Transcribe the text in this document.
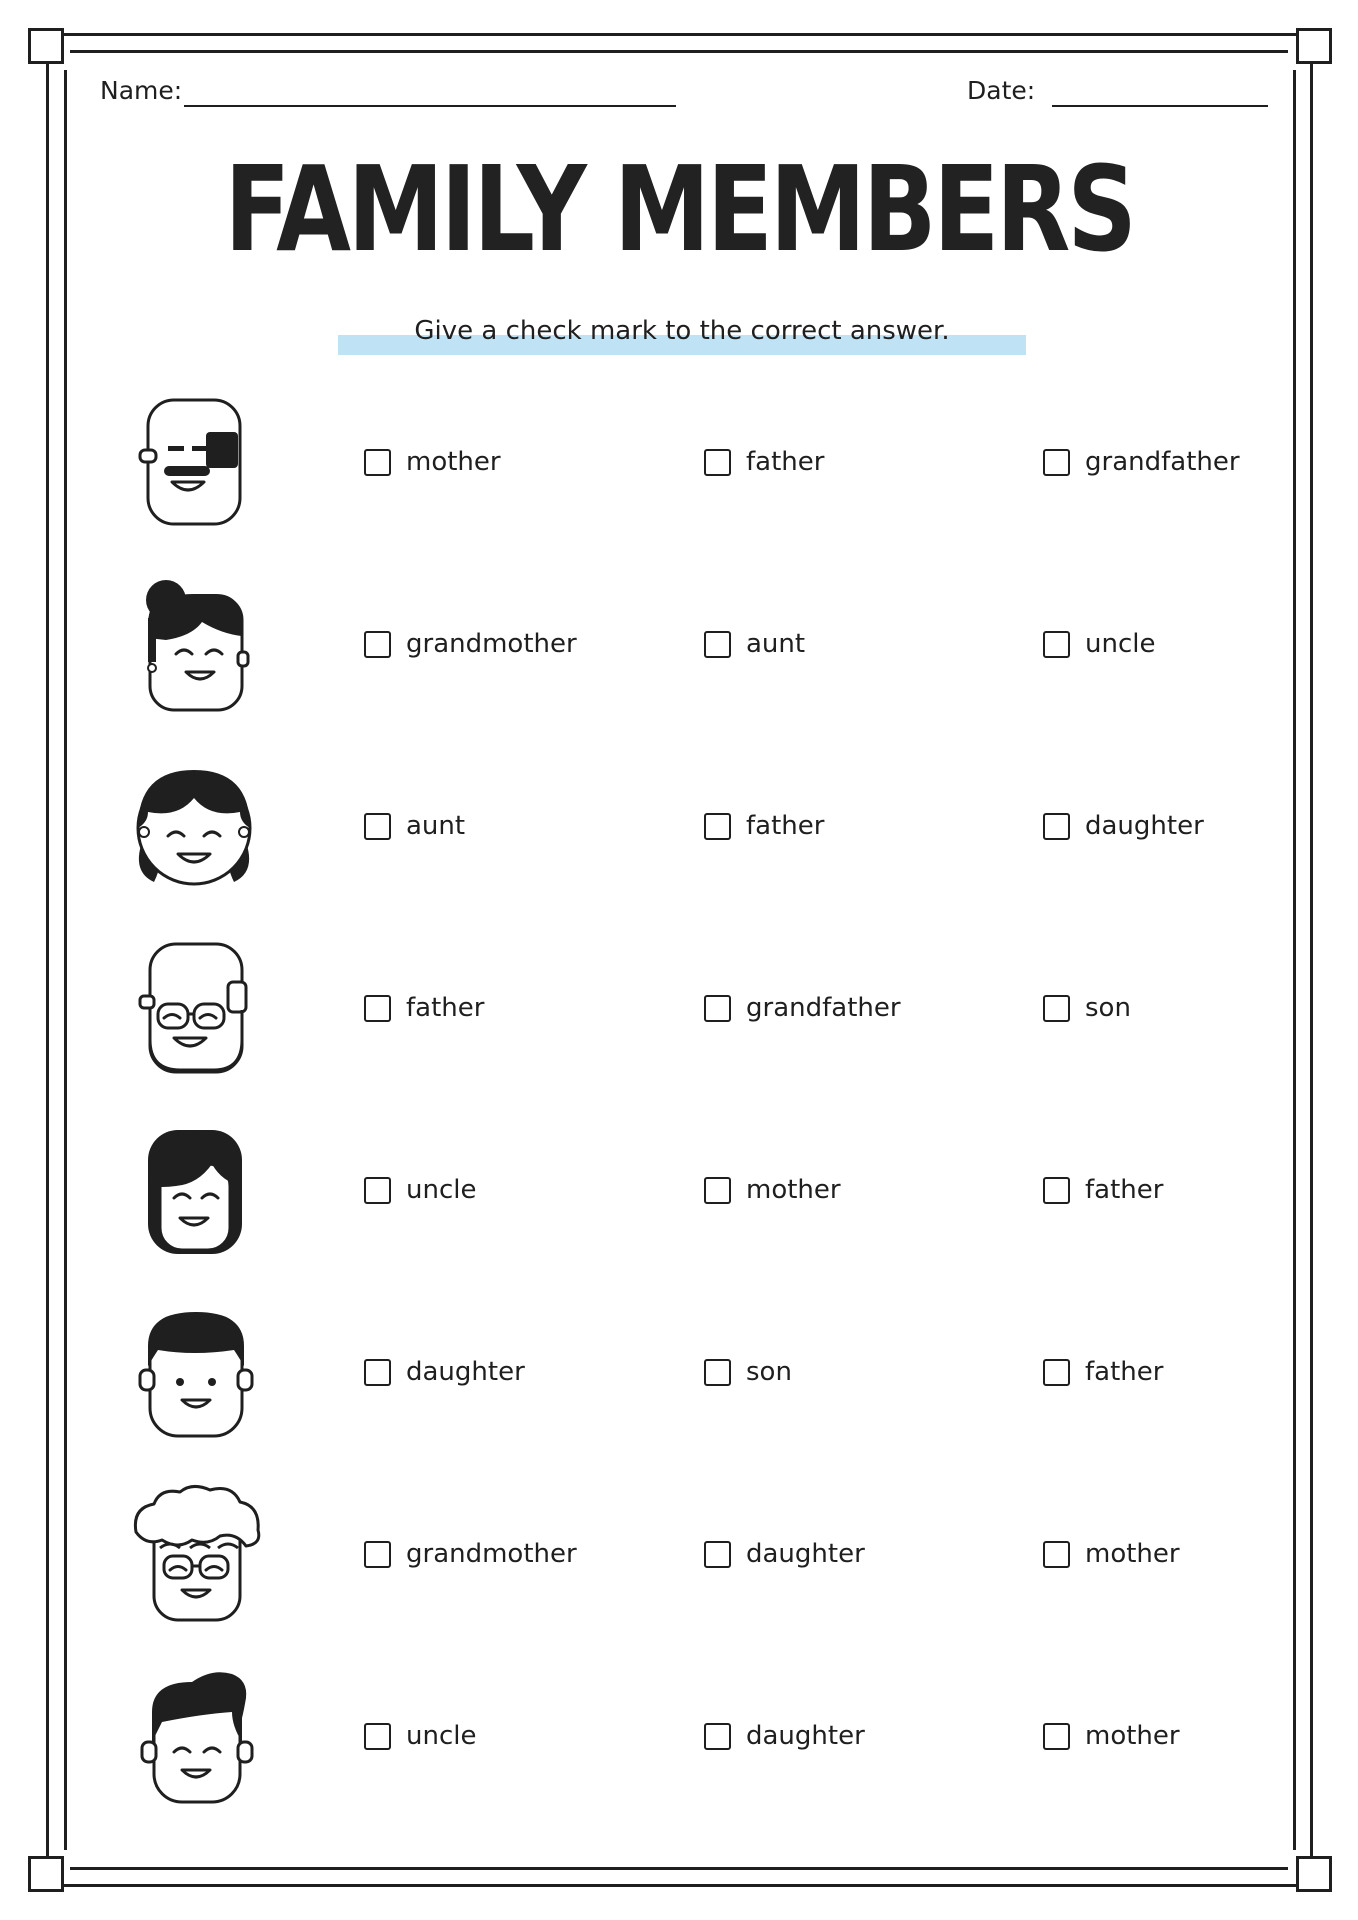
Name:	Date:
FAMILY MEMBERS
Give a check mark to the correct answer.
mother	father	grandfather
grandmother	aunt	uncle
aunt	father	daughter
father	grandfather	son
uncle	mother	father
daughter	son	father
grandmother	daughter	mother
uncle	daughter	mother
